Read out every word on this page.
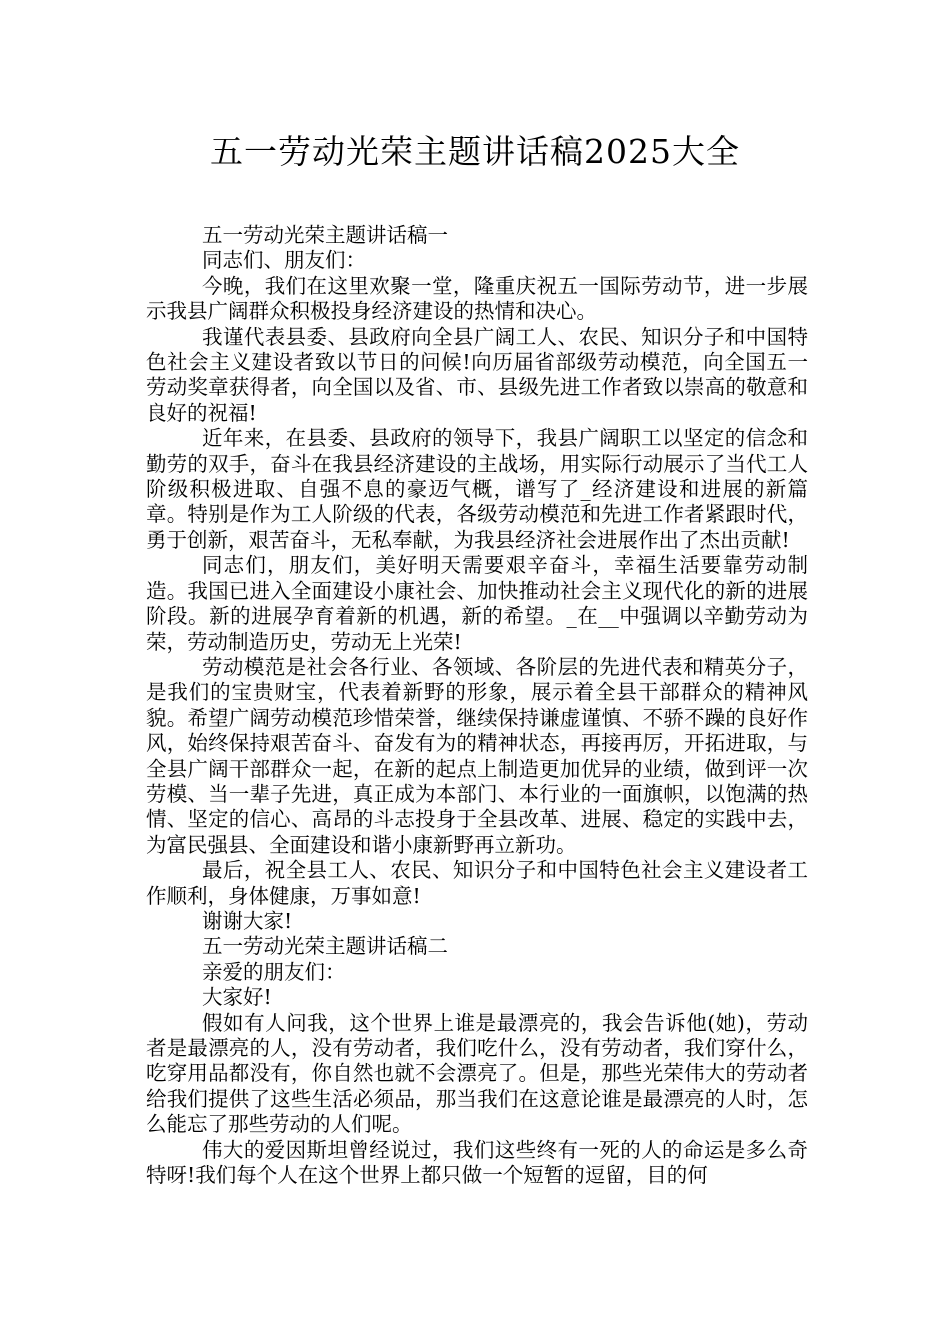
五一劳动光荣主题讲话稿2025大全

五一劳动光荣主题讲话稿一

同志们、朋友们：

今晚，我们在这里欢聚一堂，隆重庆祝五一国际劳动节，进一步展示我县广阔群众积极投身经济建设的热情和决心。

我谨代表县委、县政府向全县广阔工人、农民、知识分子和中国特色社会主义建设者致以节日的问候!向历届省部级劳动模范，向全国五一劳动奖章获得者，向全国以及省、市、县级先进工作者致以崇高的敬意和良好的祝福!

近年来，在县委、县政府的领导下，我县广阔职工以坚定的信念和勤劳的双手，奋斗在我县经济建设的主战场，用实际行动展示了当代工人阶级积极进取、自强不息的豪迈气概，谱写了_经济建设和进展的新篇章。特别是作为工人阶级的代表，各级劳动模范和先进工作者紧跟时代，勇于创新，艰苦奋斗，无私奉献，为我县经济社会进展作出了杰出贡献!

同志们，朋友们，美好明天需要艰辛奋斗，幸福生活要靠劳动制造。我国已进入全面建设小康社会、加快推动社会主义现代化的新的进展阶段。新的进展孕育着新的机遇，新的希望。_在__中强调以辛勤劳动为荣，劳动制造历史，劳动无上光荣!

劳动模范是社会各行业、各领域、各阶层的先进代表和精英分子，是我们的宝贵财宝，代表着新野的形象，展示着全县干部群众的精神风貌。希望广阔劳动模范珍惜荣誉，继续保持谦虚谨慎、不骄不躁的良好作风，始终保持艰苦奋斗、奋发有为的精神状态，再接再厉，开拓进取，与全县广阔干部群众一起，在新的起点上制造更加优异的业绩，做到评一次劳模、当一辈子先进，真正成为本部门、本行业的一面旗帜，以饱满的热情、坚定的信心、高昂的斗志投身于全县改革、进展、稳定的实践中去，为富民强县、全面建设和谐小康新野再立新功。

最后，祝全县工人、农民、知识分子和中国特色社会主义建设者工作顺利，身体健康，万事如意!

谢谢大家!

五一劳动光荣主题讲话稿二

亲爱的朋友们：

大家好!

假如有人问我，这个世界上谁是最漂亮的，我会告诉他(她)，劳动者是最漂亮的人，没有劳动者，我们吃什么，没有劳动者，我们穿什么，吃穿用品都没有，你自然也就不会漂亮了。但是，那些光荣伟大的劳动者给我们提供了这些生活必须品，那当我们在这意论谁是最漂亮的人时，怎么能忘了那些劳动的人们呢。

伟大的爱因斯坦曾经说过，我们这些终有一死的人的命运是多么奇特呀!我们每个人在这个世界上都只做一个短暂的逗留，目的何
